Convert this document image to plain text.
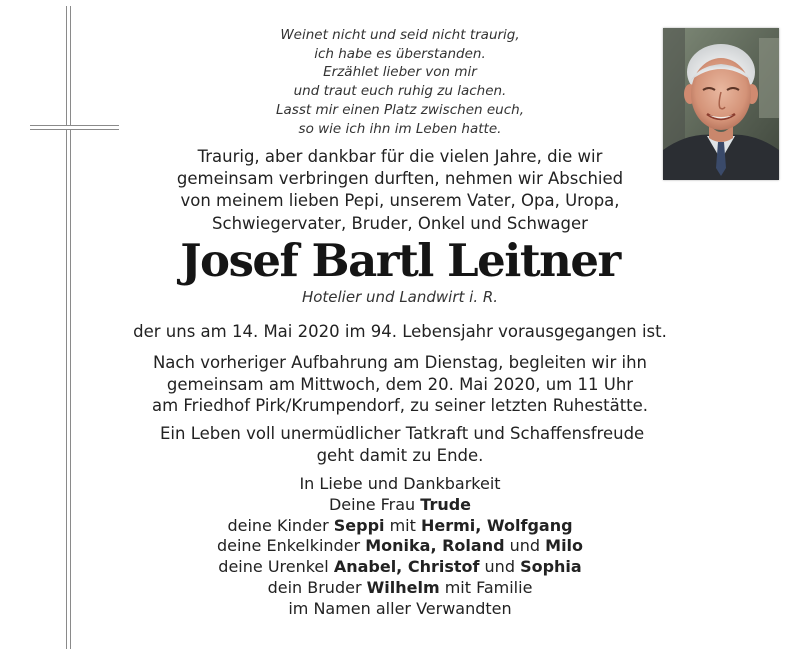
Weinet nicht und seid nicht traurig,
ich habe es überstanden.
Erzählet lieber von mir
und traut euch ruhig zu lachen.
Lasst mir einen Platz zwischen euch,
so wie ich ihn im Leben hatte.
Traurig, aber dankbar für die vielen Jahre, die wir
gemeinsam verbringen durften, nehmen wir Abschied
von meinem lieben Pepi, unserem Vater, Opa, Uropa,
Schwiegervater, Bruder, Onkel und Schwager
Josef Bartl Leitner
Hotelier und Landwirt i. R.
der uns am 14. Mai 2020 im 94. Lebensjahr vorausgegangen ist.
Nach vorheriger Aufbahrung am Dienstag, begleiten wir ihn
gemeinsam am Mittwoch, dem 20. Mai 2020, um 11 Uhr
am Friedhof Pirk/Krumpendorf, zu seiner letzten Ruhestätte.
Ein Leben voll unermüdlicher Tatkraft und Schaffensfreude
geht damit zu Ende.
In Liebe und Dankbarkeit
Deine Frau Trude
deine Kinder Seppi mit Hermi, Wolfgang
deine Enkelkinder Monika, Roland und Milo
deine Urenkel Anabel, Christof und Sophia
dein Bruder Wilhelm mit Familie
im Namen aller Verwandten
